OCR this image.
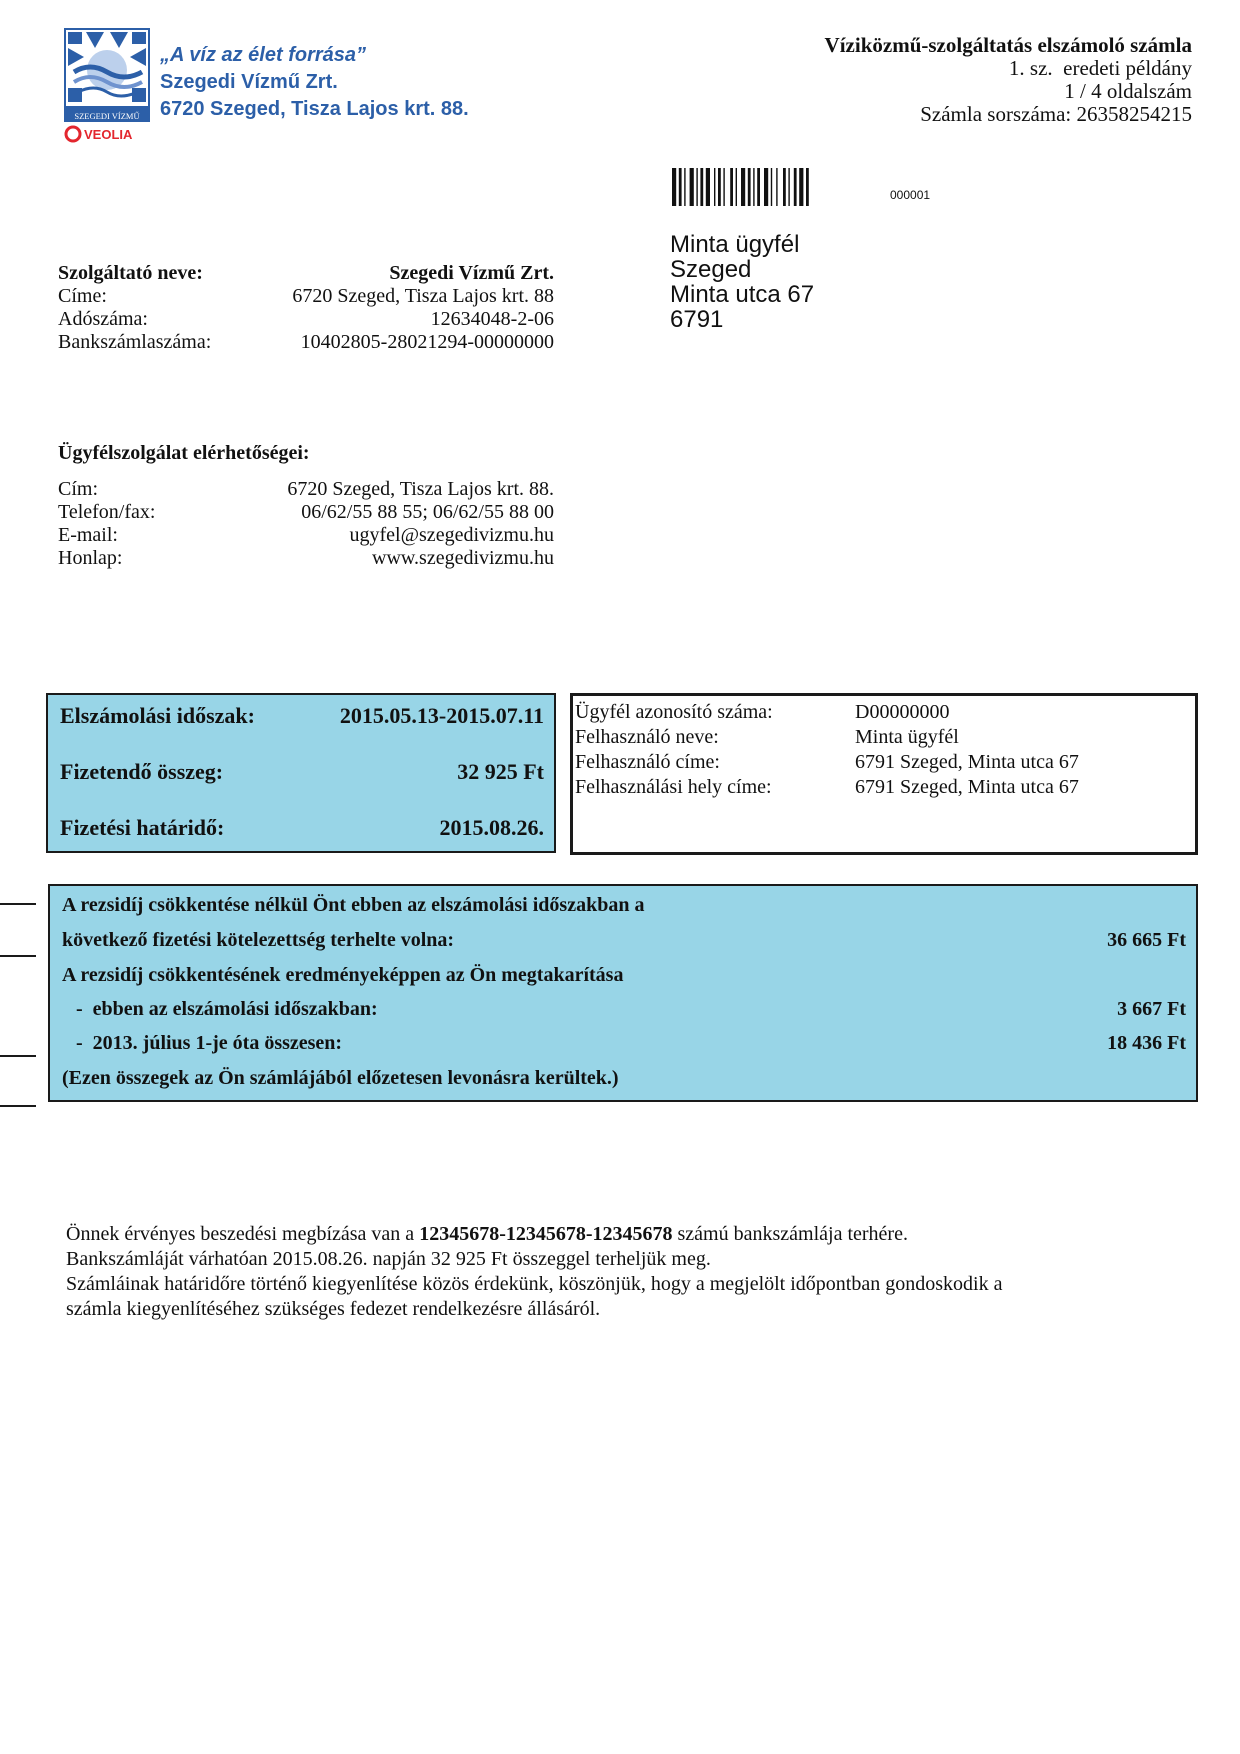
SZEGEDI VÍZMŰ
VEOLIA
„A víz az élet forrása”
Szegedi Vízmű Zrt.
6720 Szeged, Tisza Lajos krt. 88.
Víziközmű-szolgáltatás elszámoló számla
1. sz.  eredeti példány
1 / 4 oldalszám
Számla sorszáma: 26358254215
000001
Minta ügyfél
Szeged
Minta utca 67
6791
Szolgáltató neve:	Szegedi Vízmű Zrt.
Címe:	6720 Szeged, Tisza Lajos krt. 88
Adószáma:	12634048-2-06
Bankszámlaszáma:	10402805-28021294-00000000
Ügyfélszolgálat elérhetőségei:
Cím:	6720 Szeged, Tisza Lajos krt. 88.
Telefon/fax:	06/62/55 88 55; 06/62/55 88 00
E-mail:	ugyfel@szegedivizmu.hu
Honlap:	www.szegedivizmu.hu
Elszámolási időszak:	2015.05.13-2015.07.11
Fizetendő összeg:	32 925 Ft
Fizetési határidő:	2015.08.26.
Ügyfél azonosító száma:	D00000000
Felhasználó neve:	Minta ügyfél
Felhasználó címe:	6791 Szeged, Minta utca 67
Felhasználási hely címe:	6791 Szeged, Minta utca 67
A rezsidíj csökkentése nélkül Önt ebben az elszámolási időszakban a
következő fizetési kötelezettség terhelte volna:	36 665 Ft
A rezsidíj csökkentésének eredményeképpen az Ön megtakarítása
-  ebben az elszámolási időszakban:	3 667 Ft
-  2013. július 1-je óta összesen:	18 436 Ft
(Ezen összegek az Ön számlájából előzetesen levonásra kerültek.)
Önnek érvényes beszedési megbízása van a 12345678-12345678-12345678 számú bankszámlája terhére.
Bankszámláját várhatóan 2015.08.26. napján 32 925 Ft összeggel terheljük meg.
Számláinak határidőre történő kiegyenlítése közös érdekünk, köszönjük, hogy a megjelölt időpontban gondoskodik a
számla kiegyenlítéséhez szükséges fedezet rendelkezésre állásáról.
